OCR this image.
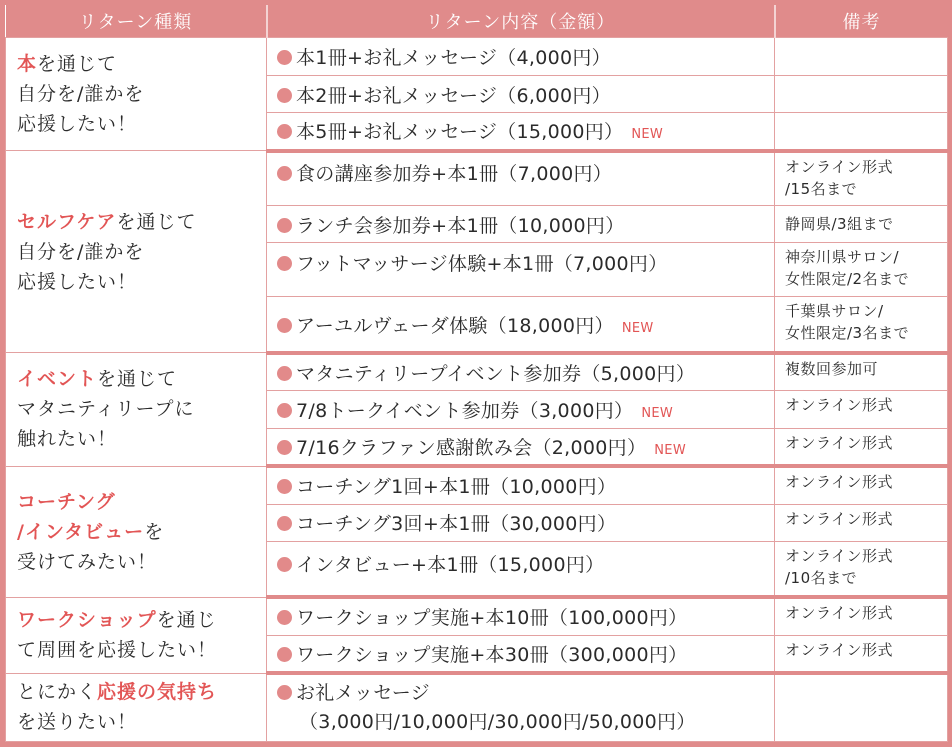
リターン種類	リターン内容（金額）	備考
本を通じて
自分を/誰かを
応援したい！	本1冊+お礼メッセージ（4,000円）	
	本2冊+お礼メッセージ（6,000円）	
	本5冊+お礼メッセージ（15,000円） NEW	
セルフケアを通じて
自分を/誰かを
応援したい！	食の講座参加券+本1冊（7,000円）	オンライン形式
/15名まで
	ランチ会参加券+本1冊（10,000円）	静岡県/3組まで
	フットマッサージ体験+本1冊（7,000円）	神奈川県サロン/
女性限定/2名まで
	アーユルヴェーダ体験（18,000円） NEW	千葉県サロン/
女性限定/3名まで
イベントを通じて
マタニティリープに
触れたい！	マタニティリープイベント参加券（5,000円）	複数回参加可
	7/8トークイベント参加券（3,000円） NEW	オンライン形式
	7/16クラファン感謝飲み会（2,000円） NEW	オンライン形式
コーチング
/インタビューを
受けてみたい！	コーチング1回+本1冊（10,000円）	オンライン形式
	コーチング3回+本1冊（30,000円）	オンライン形式
	インタビュー+本1冊（15,000円）	オンライン形式
/10名まで
ワークショップを通じ
て周囲を応援したい！	ワークショップ実施+本10冊（100,000円）	オンライン形式
	ワークショップ実施+本30冊（300,000円）	オンライン形式
とにかく応援の気持ち
を送りたい！	お礼メッセージ

（3,000円/10,000円/30,000円/50,000円）	
